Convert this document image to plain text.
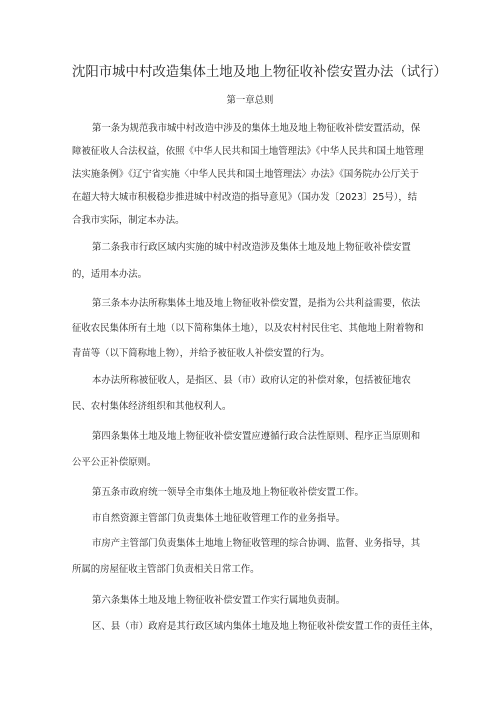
沈阳市城中村改造集体土地及地上物征收补偿安置办法（试行）
第一章总则
第一条为规范我市城中村改造中涉及的集体土地及地上物征收补偿安置活动，保
障被征收人合法权益，依照《中华人民共和国土地管理法》《中华人民共和国土地管理
法实施条例》《辽宁省实施〈中华人民共和国土地管理法〉办法》《国务院办公厅关于
在超大特大城市积极稳步推进城中村改造的指导意见》（国办发〔2023〕25号），结
合我市实际，制定本办法。
第二条我市行政区域内实施的城中村改造涉及集体土地及地上物征收补偿安置
的，适用本办法。
第三条本办法所称集体土地及地上物征收补偿安置，是指为公共利益需要，依法
征收农民集体所有土地（以下简称集体土地），以及农村村民住宅、其他地上附着物和
青苗等（以下简称地上物），并给予被征收人补偿安置的行为。
本办法所称被征收人，是指区、县（市）政府认定的补偿对象，包括被征地农
民、农村集体经济组织和其他权利人。
第四条集体土地及地上物征收补偿安置应遵循行政合法性原则、程序正当原则和
公平公正补偿原则。
第五条市政府统一领导全市集体土地及地上物征收补偿安置工作。
市自然资源主管部门负责集体土地征收管理工作的业务指导。
市房产主管部门负责集体土地地上物征收管理的综合协调、监督、业务指导，其
所属的房屋征收主管部门负责相关日常工作。
第六条集体土地及地上物征收补偿安置工作实行属地负责制。
区、县（市）政府是其行政区域内集体土地及地上物征收补偿安置工作的责任主体，
